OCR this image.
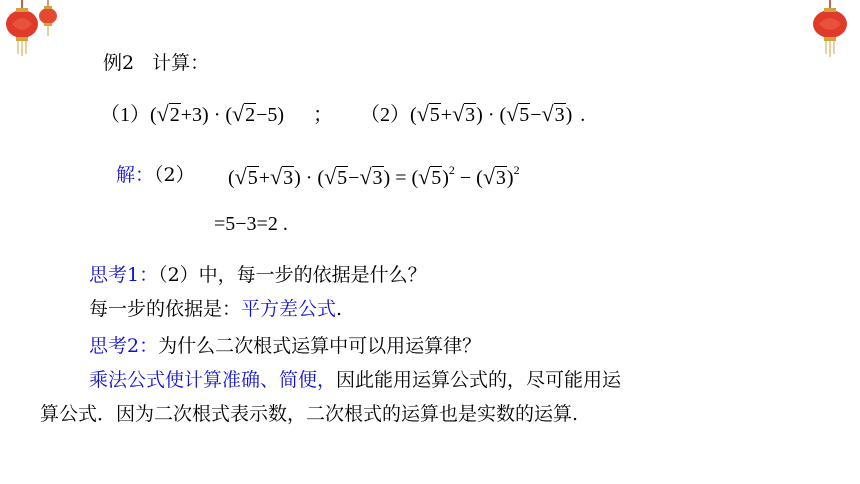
例2 计算：
（1）(√2+3) · (√2−5) ； （2）(√5+√3) · (√5−√3) .
解：（2） $(√5+√3) \cdot (√5-√3) = (√5)^2 - (√3)^2$
=5−3=2 .
思考1：（2）中，每一步的依据是什么？
每一步的依据是：平方差公式.
思考2：为什么二次根式运算中可以用运算律？
乘法公式使计算准确、简便，因此能用运算公式的，尽可能用运
算公式．因为二次根式表示数，二次根式的运算也是实数的运算.
